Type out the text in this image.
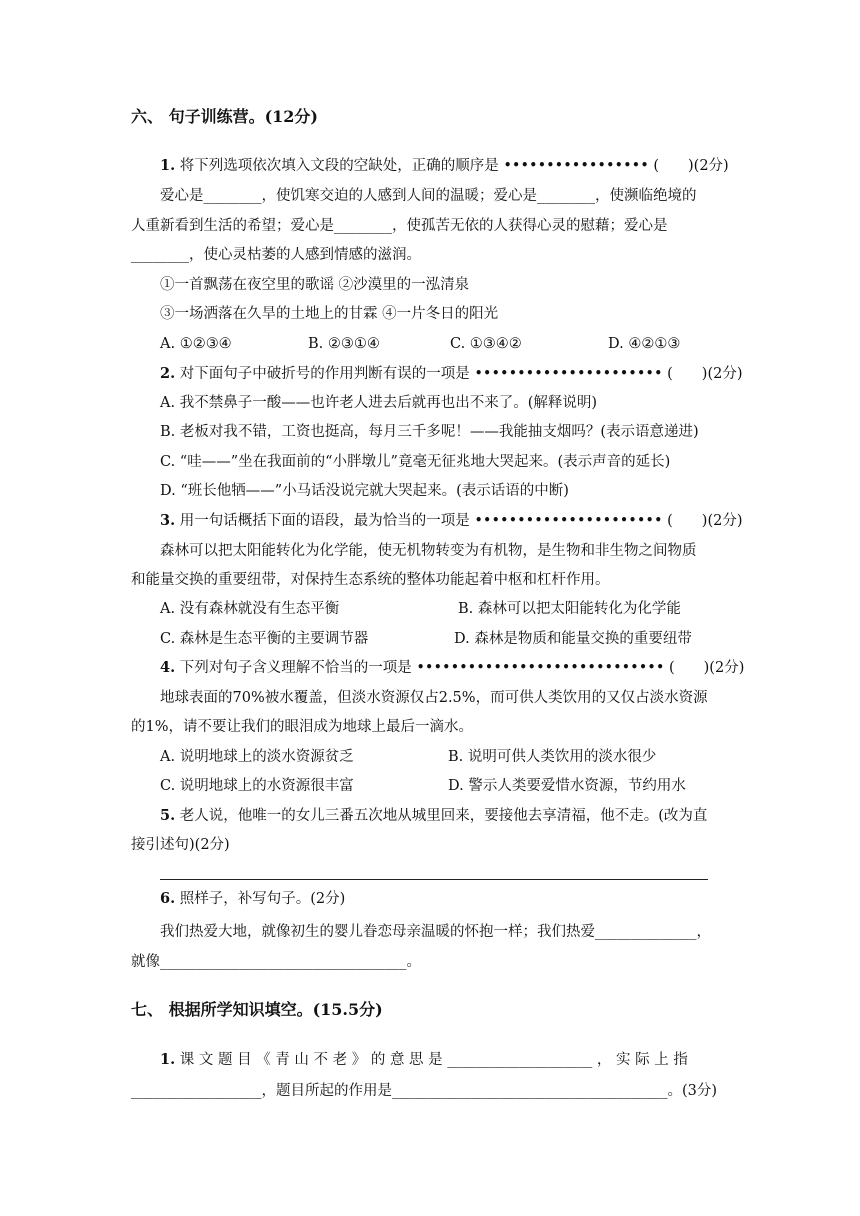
六、 句子训练营。(12分)
1. 将下列选项依次填入文段的空缺处，正确的顺序是 ••••••••••••••••• (　　)(2分)
爱心是________，使饥寒交迫的人感到人间的温暖；爱心是________，使濒临绝境的
人重新看到生活的希望；爱心是________，使孤苦无依的人获得心灵的慰藉；爱心是
________，使心灵枯萎的人感到情感的滋润。
①一首飘荡在夜空里的歌谣 ②沙漠里的一泓清泉
③一场洒落在久旱的土地上的甘霖 ④一片冬日的阳光
A. ①②③④	B. ②③①④	C. ①③④②	D. ④②①③
2. 对下面句子中破折号的作用判断有误的一项是 •••••••••••••••••••••• (　　)(2分)
A. 我不禁鼻子一酸——也许老人进去后就再也出不来了。(解释说明)
B. 老板对我不错，工资也挺高，每月三千多呢！——我能抽支烟吗？(表示语意递进)
C. “哇——”坐在我面前的“小胖墩儿”竟毫无征兆地大哭起来。(表示声音的延长)
D. “班长他牺——”小马话没说完就大哭起来。(表示话语的中断)
3. 用一句话概括下面的语段，最为恰当的一项是 •••••••••••••••••••••• (　　)(2分)
森林可以把太阳能转化为化学能，使无机物转变为有机物，是生物和非生物之间物质
和能量交换的重要纽带，对保持生态系统的整体功能起着中枢和杠杆作用。
A. 没有森林就没有生态平衡	B. 森林可以把太阳能转化为化学能
C. 森林是生态平衡的主要调节器	D. 森林是物质和能量交换的重要纽带
4. 下列对句子含义理解不恰当的一项是 ••••••••••••••••••••••••••••• (　　)(2分)
地球表面的70%被水覆盖，但淡水资源仅占2.5%，而可供人类饮用的又仅占淡水资源
的1%，请不要让我们的眼泪成为地球上最后一滴水。
A. 说明地球上的淡水资源贫乏	B. 说明可供人类饮用的淡水很少
C. 说明地球上的水资源很丰富	D. 警示人类要爱惜水资源，节约用水
5. 老人说，他唯一的女儿三番五次地从城里回来，要接他去享清福，他不走。(改为直
接引述句)(2分)
6. 照样子，补写句子。(2分)
我们热爱大地，就像初生的婴儿眷恋母亲温暖的怀抱一样；我们热爱______________，
就像__________________________________。
七、 根据所学知识填空。(15.5分)
1. 课 文 题 目 《 青 山 不 老 》 的 意 思 是 ____________________ ， 实 际 上 指
__________________，题目所起的作用是______________________________________。(3分)
